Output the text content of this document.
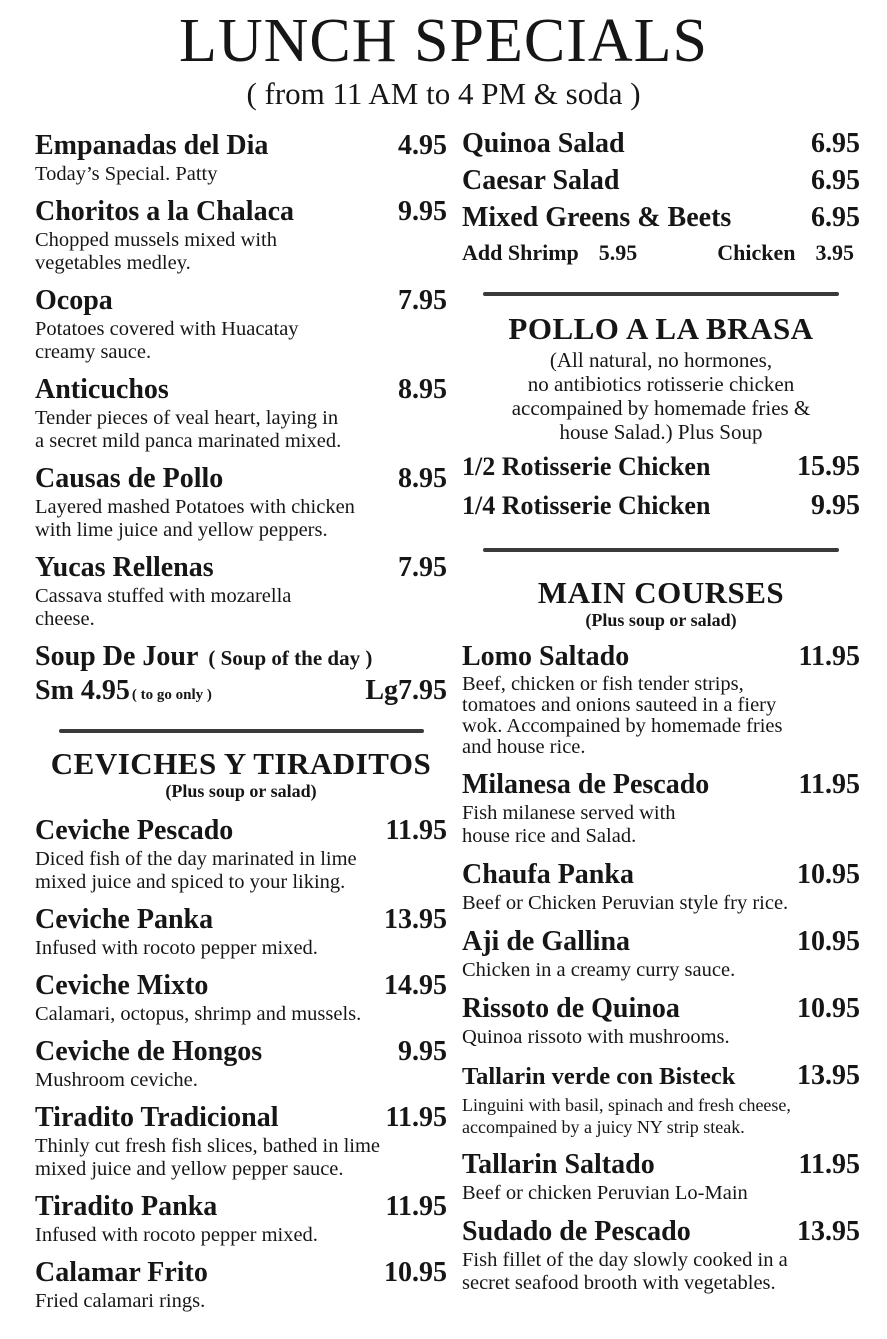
LUNCH SPECIALS
( from 11 AM to 4 PM & soda )
Empanadas del Dia	4.95
Today’s Special. Patty
Choritos a la Chalaca	9.95
Chopped mussels mixed with
vegetables medley.
Ocopa	7.95
Potatoes covered with Huacatay
creamy sauce.
Anticuchos	8.95
Tender pieces of veal heart, laying in
a secret mild panca marinated mixed.
Causas de Pollo	8.95
Layered mashed Potatoes with chicken
with lime juice and yellow peppers.
Yucas Rellenas	7.95
Cassava stuffed with mozarella
cheese.
Soup De Jour ( Soup of the day )
Sm 4.95 ( to go only )	Lg7.95
CEVICHES Y TIRADITOS
(Plus soup or salad)
Ceviche Pescado	11.95
Diced fish of the day marinated in lime
mixed juice and spiced to your liking.
Ceviche Panka	13.95
Infused with rocoto pepper mixed.
Ceviche Mixto	14.95
Calamari, octopus, shrimp and mussels.
Ceviche de Hongos	9.95
Mushroom ceviche.
Tiradito Tradicional	11.95
Thinly cut fresh fish slices, bathed in lime
mixed juice and yellow pepper sauce.
Tiradito Panka	11.95
Infused with rocoto pepper mixed.
Calamar Frito	10.95
Fried calamari rings.
Quinoa Salad	6.95
Caesar Salad	6.95
Mixed Greens & Beets	6.95
Add Shrimp 5.95	Chicken 3.95
POLLO A LA BRASA
(All natural, no hormones,
no antibiotics rotisserie chicken
accompained by homemade fries &
house Salad.) Plus Soup
1/2 Rotisserie Chicken	15.95
1/4 Rotisserie Chicken	9.95
MAIN COURSES
(Plus soup or salad)
Lomo Saltado	11.95
Beef, chicken or fish tender strips,
tomatoes and onions sauteed in a fiery
wok. Accompained by homemade fries
and house rice.
Milanesa de Pescado	11.95
Fish milanese served with
house rice and Salad.
Chaufa Panka	10.95
Beef or Chicken Peruvian style fry rice.
Aji de Gallina	10.95
Chicken in a creamy curry sauce.
Rissoto de Quinoa	10.95
Quinoa rissoto with mushrooms.
Tallarin verde con Bisteck 13.95
Linguini with basil, spinach and fresh cheese,
accompained by a juicy NY strip steak.
Tallarin Saltado	11.95
Beef or chicken Peruvian Lo-Main
Sudado de Pescado	13.95
Fish fillet of the day slowly cooked in a
secret seafood brooth with vegetables.
